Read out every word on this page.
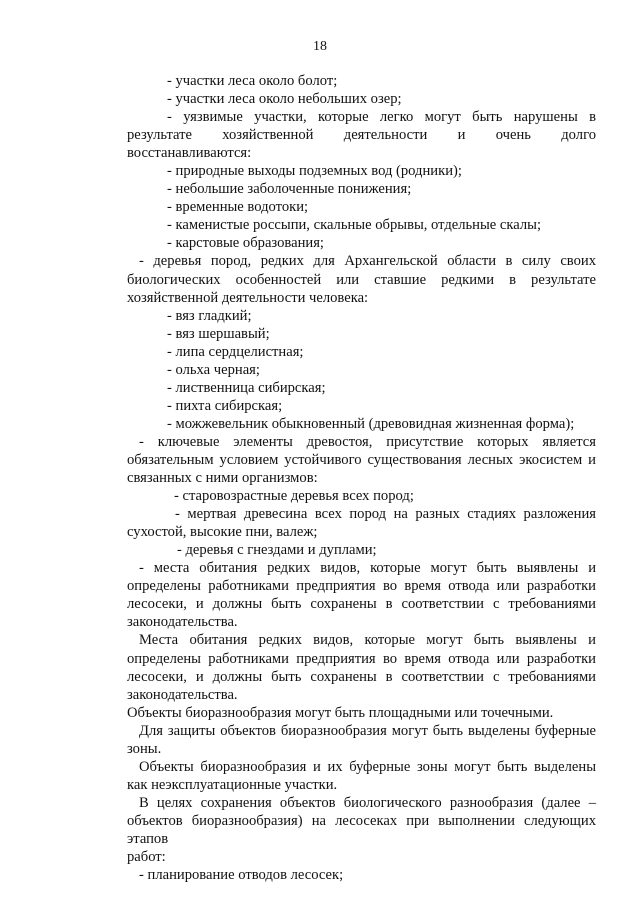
18
- участки леса около болот;
- участки леса около небольших озер;
- уязвимые участки, которые легко могут быть нарушены в
результате хозяйственной деятельности и очень долго
восстанавливаются:
- природные выходы подземных вод (родники);
- небольшие заболоченные понижения;
- временные водотоки;
- каменистые россыпи, скальные обрывы, отдельные скалы;
- карстовые образования;
- деревья пород, редких для Архангельской области в силу своих
биологических особенностей или ставшие редкими в результате
хозяйственной деятельности человека:
- вяз гладкий;
- вяз шершавый;
- липа сердцелистная;
- ольха черная;
- лиственница сибирская;
- пихта сибирская;
- можжевельник обыкновенный (древовидная жизненная форма);
- ключевые элементы древостоя, присутствие которых является
обязательным условием устойчивого существования лесных экосистем и
связанных с ними организмов:
- старовозрастные деревья всех пород;
- мертвая древесина всех пород на разных стадиях разложения
сухостой, высокие пни, валеж;
- деревья с гнездами и дуплами;
- места обитания редких видов, которые могут быть выявлены и
определены работниками предприятия во время отвода или разработки
лесосеки, и должны быть сохранены в соответствии с требованиями
законодательства.
Места обитания редких видов, которые могут быть выявлены и
определены работниками предприятия во время отвода или разработки
лесосеки, и должны быть сохранены в соответствии с требованиями
законодательства.
Объекты биоразнообразия могут быть площадными или точечными.
Для защиты объектов биоразнообразия могут быть выделены буферные
зоны.
Объекты биоразнообразия и их буферные зоны могут быть выделены
как неэксплуатационные участки.
В целях сохранения объектов биологического разнообразия (далее –
объектов биоразнообразия) на лесосеках при выполнении следующих этапов
работ:
- планирование отводов лесосек;
